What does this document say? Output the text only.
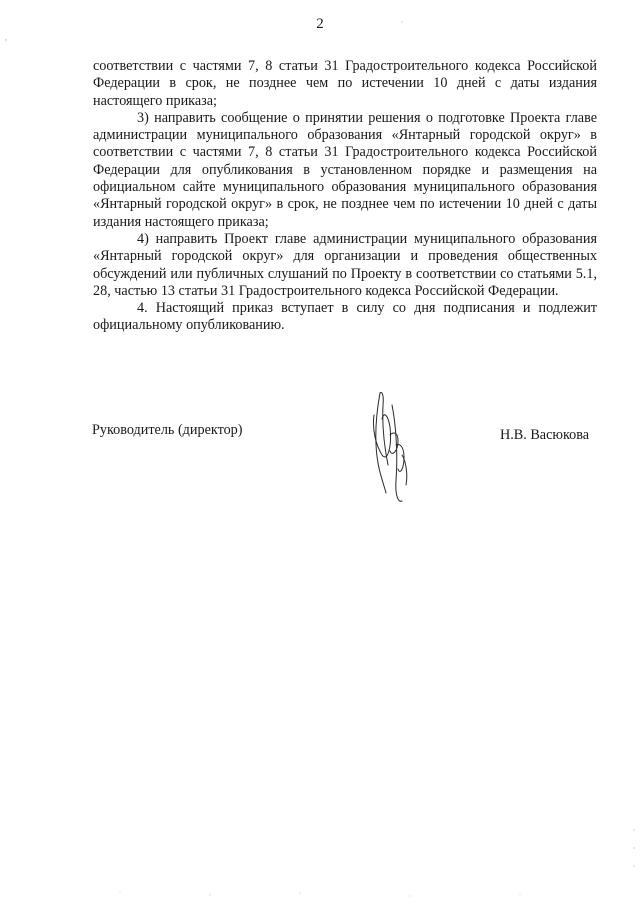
2

соответствии с частями 7, 8 статьи 31 Градостроительного кодекса Российской Федерации в срок, не позднее чем по истечении 10 дней с даты издания настоящего приказа;

3) направить сообщение о принятии решения о подготовке Проекта главе администрации муниципального образования «Янтарный городской округ» в соответствии с частями 7, 8 статьи 31 Градостроительного кодекса Российской Федерации для опубликования в установленном порядке и размещения на официальном сайте муниципального образования муниципального образования «Янтарный городской округ» в срок, не позднее чем по истечении 10 дней с даты издания настоящего приказа;

4) направить Проект главе администрации муниципального образования «Янтарный городской округ» для организации и проведения общественных обсуждений или публичных слушаний по Проекту в соответствии со статьями 5.1, 28, частью 13 статьи 31 Градостроительного кодекса Российской Федерации.

4. Настоящий приказ вступает в силу со дня подписания и подлежит официальному опубликованию.

Руководитель (директор)	Н.В. Васюкова
